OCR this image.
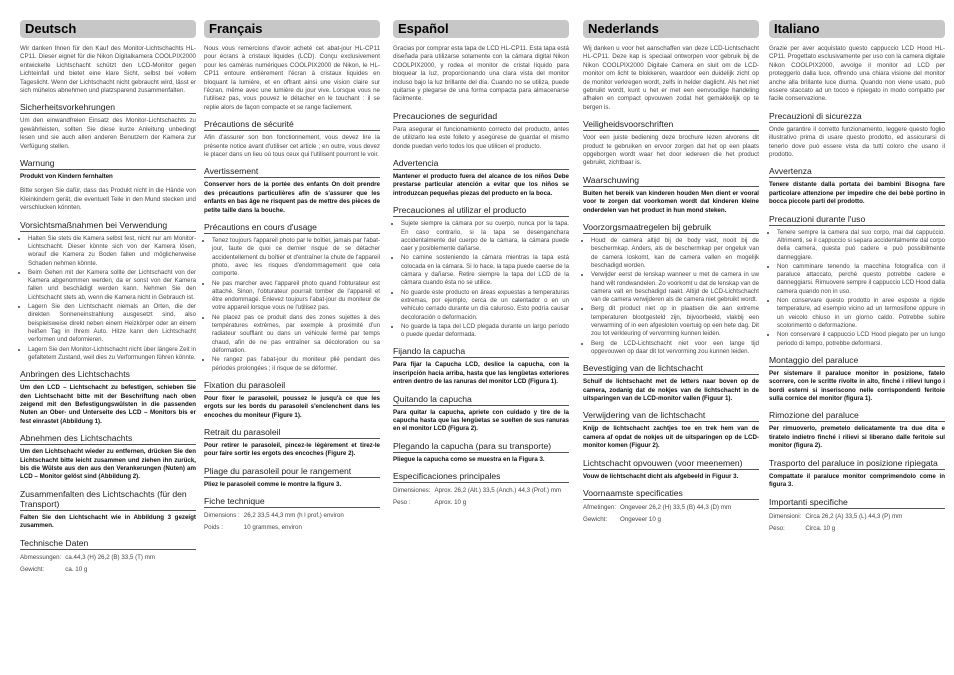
Deutsch

Wir danken Ihnen für den Kauf des Monitor-Lichtschachts HL-CP11. Dieser eignet für die Nikon Digitalkamera COOLPIX2000 entwickelte Lichtschacht schützt den LCD-Monitor gegen Lichteinfall und bietet eine klare Sicht, selbst bei vollem Tageslicht. Wenn der Lichtschacht nicht gebraucht wird, lässt er sich mühelos abnehmen und platzsparend zusammenfalten.

Sicherheitsvorkehrungen

Um den einwandfreien Einsatz des Monitor-Lichtschachts zu gewährleisten, sollten Sie diese kurze Anleitung unbedingt lesen und sie auch allen anderen Benutzern der Kamera zur Verfügung stellen.

Warnung

Produkt von Kindern fernhalten

Bitte sorgen Sie dafür, dass das Produkt nicht in die Hände von Kleinkindern gerät, die eventuell Teile in den Mund stecken und verschlucken könnten.

Vorsichtsmaßnahmen bei Verwendung
• Halten Sie stets die Kamera selbst fest, nicht nur am Monitor-Lichtschacht. Dieser könnte sich von der Kamera lösen, worauf die Kamera zu Boden fallen und möglicherweise Schaden nehmen könnte.
• Beim Gehen mit der Kamera sollte der Lichtschacht von der Kamera abgenommen werden, da er sonst von der Kamera fallen und beschädigt werden kann. Nehmen Sie den Lichtschacht stets ab, wenn die Kamera nicht in Gebrauch ist.
• Lagern Sie den Lichtschacht niemals an Orten, die der direkten Sonneneinstrahlung ausgesetzt sind, also beispielsweise direkt neben einem Heizkörper oder an einem heißen Tag in Ihrem Auto. Hitze kann den Lichtschacht verformen und deformieren.
• Lagern Sie den Monitor-Lichtschacht nicht über längere Zeit in gefaltetem Zustand, weil dies zu Verformungen führen könnte.
Anbringen des Lichtschachts

Um den LCD – Lichtschacht zu befestigen, schieben Sie den Lichtschacht bitte mit der Beschriftung nach oben zeigend mit den Befestigungswülsten in die passenden Nuten an Ober- und Unterseite des LCD – Monitors bis er fest einrastet (Abbildung 1).

Abnehmen des Lichtschachts

Um den Lichtschacht wieder zu entfernen, drücken Sie den Lichtschacht bitte leicht zusammen und ziehen ihn zurück, bis die Wülste aus den aus den Verankerungen (Nuten) am LCD – Monitor gelöst sind (Abbildung 2).

Zusammenfalten des Lichtschachts (für den Transport)

Falten Sie den Lichtschacht wie in Abbildung 3 gezeigt zusammen.

Technische Daten
Abmessungen:	ca.44,3 (H) 26,2 (B) 33,5 (T) mm
Gewicht:	ca. 10 g
Français

Nous vous remercions d'avoir acheté cet abat-jour HL-CP11 pour écrans à cristaux liquides (LCD). Conçu exclusivement pour les caméras numériques COOLPIX2000 de Nikon, le HL-CP11 entoure entièrement l'écran à cristaux liquides en bloquant la lumière, et en offrant ainsi une vision claire sur l'écran, même avec une lumière du jour vive. Lorsque vous ne l'utilisez pas, vous pouvez le détacher en le touchant : il se replie alors de façon compacte et se range facilement.

Précautions de sécurité

Afin d'assurer son bon fonctionnement, vous devez lire la présente notice avant d'utiliser cet article ; en outre, vous devez le placer dans un lieu où tous ceux qui l'utilisent pourront le voir.

Avertissement

Conserver hors de la portée des enfants On doit prendre des précautions particulières afin de s'assurer que les enfants en bas âge ne risquent pas de mettre des pièces de petite taille dans la bouche.

Précautions en cours d'usage
• Tenez toujours l'appareil photo par le boîtier, jamais par l'abat-jour, faute de quoi ce dernier risque de se détacher accidentellement du boîtier et d'entraîner la chute de l'appareil photo, avec les risques d'endommagement que cela comporte.
• Ne pas marcher avec l'appareil photo quand l'obturateur est attaché. Sinon, l'obturateur pourrait tomber de l'appareil et être endommagé. Enlevez toujours l'abat-jour du moniteur de votre appareil lorsque vous ne l'utilisez pas.
• Ne placez pas ce produit dans des zones sujettes à des températures extrêmes, par exemple à proximité d'un radiateur soufflant ou dans un véhicule fermé par temps chaud, afin de ne pas entraîner sa décoloration ou sa déformation.
• Ne rangez pas l'abat-jour du moniteur plié pendant des périodes prolongées ; il risque de se déformer.
Fixation du parasoleil

Pour fixer le parasoleil, poussez le jusqu'à ce que les ergots sur les bords du parasoleil s'enclenchent dans les encoches du moniteur (Figure 1).

Retrait du parasoleil

Pour retirer le parasoleil, pincez-le légèrement et tirez-le pour faire sortir les ergots des encoches (Figure 2).

Pliage du parasoleil pour le rangement

Pliez le parasoleil comme le montre la figure 3.

Fiche technique
Dimensions :	26,2 33,5 44,3 mm (h l prof.) environ
Poids :	10 grammes, environ
Español

Gracias por comprar esta tapa de LCD HL-CP11. Esta tapa está diseñada para utilizarse solamente con la cámara digital Nikon COOLPIX2000, y rodea el monitor de cristal líquido para bloquear la luz, proporcionando una clara vista del monitor incluso bajo la luz brillante del día. Cuando no se utiliza, puede quitarse y plegarse de una forma compacta para almacenarse fácilmente.

Precauciones de seguridad

Para asegurar el funcionamiento correcto del producto, antes de utilizarlo lea este folleto y asegúrese de guardar el mismo donde puedan verlo todos los que utilicen el producto.

Advertencia

Mantener el producto fuera del alcance de los niños Debe prestarse particular atención a evitar que los niños se introduzcan pequeñas piezas del producto en la boca.

Precauciones al utilizar el producto
• Sujete siempre la cámara por su cuerpo, nunca por la tapa. En caso contrario, si la tapa se desenganchara accidentalmente del cuerpo de la cámara, la cámara puede caer y posiblemente dañarse.
• No camine sosteniendo la cámara mientras la tapa está colocada en la cámara. Si lo hace, la tapa puede caerse de la cámara y dañarse. Retire siempre la tapa del LCD de la cámara cuando ésta no se utilice.
• No guarde este producto en áreas expuestas a temperaturas extremas, por ejemplo, cerca de un calentador o en un vehículo cerrado durante un día caluroso. Esto podría causar decoloración o deformación.
• No guarde la tapa del LCD plegada durante un largo período o puede quedar deformada.
Fijando la capucha

Para fijar la Capucha LCD, deslice la capucha, con la inscripción hacia arriba, hasta que las lengüetas exteriores entren dentro de las ranuras del monitor LCD (Figura 1).

Quitando la capucha

Para quitar la capucha, apriete con cuidado y tire de la capucha hasta que las lengüetas se suelten de sus ranuras en el monitor LCD (Figura 2).

Plegando la capucha (para su transporte)

Pliegue la capucha como se muestra en la Figura 3.

Especificaciones principales
Dimensiones:	Aprox. 26,2 (Alt.) 33,5 (Anch.) 44,3 (Prof.) mm
Peso :	Aprox. 10 g
Nederlands

Wij danken u voor het aanschaffen van deze LCD-Lichtschacht HL-CP11. Deze kap is speciaal ontworpen voor gebruik bij de Nikon COOLPIX2000 Digitale Camera en sluit om de LCD-monitor om licht te blokkeren, waardoor een duidelijk zicht op de monitor verkregen wordt, zelfs in helder daglicht. Als het niet gebruikt wordt, kunt u het er met een eenvoudige handeling afhalen en compact opvouwen zodat het gemakkelijk op te bergen is.

Veiligheidsvoorschriften

Voor een juiste bediening deze brochure lezen alvorens dit product te gebruiken en ervoor zorgen dat het op een plaats opgeborgen wordt waar het door iedereen die het product gebruikt, zichtbaar is.

Waarschuwing

Buiten het bereik van kinderen houden Men dient er vooral voor te zorgen dat voorkomen wordt dat kinderen kleine onderdelen van het product in hun mond steken.

Voorzorgsmaatregelen bij gebruik
• Houd de camera altijd bij de body vast, nooit bij de beschermkap. Anders, als de beschermkap per ongeluk van de camera loskomt, kan de camera vallen en mogelijk beschadigd worden.
• Verwijder eerst de lenskap wanneer u met de camera in uw hand wilt rondwandelen. Zo voorkomt u dat de lenskap van de camera valt en beschadigd raakt. Altijd de LCD-Lichtschacht van de camera verwijderen als de camera niet gebruikt wordt.
• Berg dit product niet op in plaatsen die aan extreme temperaturen blootgesteld zijn, bijvoorbeeld, vlakbij een verwarming of in een afgesloten voertuig op een hete dag. Dit zou tot verkleuring of vervorming kunnen leiden.
• Berg de LCD-Lichtschacht niet voor een lange tijd opgevouwen op daar dit tot vervorming zou kunnen leiden.
Bevestiging van de lichtschacht

Schuif de lichtschacht met de letters naar boven op de camera, zodanig dat de nokjes van de lichtschacht in de uitsparingen van de LCD-monitor vallen (Figuur 1).

Verwijdering van de lichtschacht

Knijp de lichtschacht zachtjes toe en trek hem van de camera af opdat de nokjes uit de uitsparingen op de LCD-monitor komen (Figuur 2).

Lichtschacht opvouwen (voor meenemen)

Vouw de lichtschacht dicht als afgebeeld in Figuur 3.

Voornaamste specificaties
Afmetingen:	Ongeveer 26,2 (H) 33,5 (B) 44,3 (D) mm
Gewicht:	Ongeveer 10 g
Italiano

Grazie per aver acquistato questo cappuccio LCD Hood HL-CP11. Progettato esclusivamente per uso con la camera digitale Nikon COOLPIX2000, avvolge il monitor ad LCD per proteggerlo dalla luce, offrendo una chiara visione del monitor anche alla brillante luce diurna. Quando non viene usato, può essere staccato ad un tocco e ripiegato in modo compatto per facile conservazione.

Precauzioni di sicurezza

Onde garantire il corretto funzionamento, leggere questo foglio illustrativo prima di usare questo prodotto, ed assicurarsi di tenerlo dove può essere vista da tutti coloro che usano il prodotto.

Avvertenza

Tenere distante dalla portata dei bambini Bisogna fare particolare attenzione per impedire che dei bebè portino in bocca piccole parti del prodotto.

Precauzioni durante l'uso
• Tenere sempre la camera dal suo corpo, mai dal cappuccio. Altrimenti, se il cappuccio si separa accidentalmente dal corpo della camera, questa può cadere e può possibilmente danneggiare.
• Non camminare tenendo la macchina fotografica con il paraluce attaccato, perché questo potrebbe cadere e danneggiarsi. Rimuovere sempre il cappuccio LCD Hood dalla camera quando non in uso.
• Non conservare questo prodotto in aree esposte a rigide temperature, ad esempio vicino ad un termosifone oppure in un veicolo chiuso in un giorno caldo. Potrebbe subire scolorimento o deformazione.
• Non conservare il cappuccio LCD Hood piegato per un lungo periodo di tempo, potrebbe deformarsi.
Montaggio del paraluce

Per sistemare il paraluce monitor in posizione, fatelo scorrere, con le scritte rivolte in alto, finché i rilievi lungo i bordi esterni si inseriscono nelle corrispondenti feritoie sulla cornice del monitor (figura 1).

Rimozione del paraluce

Per rimuoverlo, premetelo delicatamente tra due dita e tiratelo indietro finché i rilievi si liberano dalle feritoie sul monitor (figura 2).

Trasporto del paraluce in posizione ripiegata

Compattate il paraluce monitor comprimendolo come in figura 3.

Importanti specifiche
Dimensioni:	Circa 26,2 (A) 33,5 (L) 44,3 (P) mm
Peso:	Circa. 10 g
